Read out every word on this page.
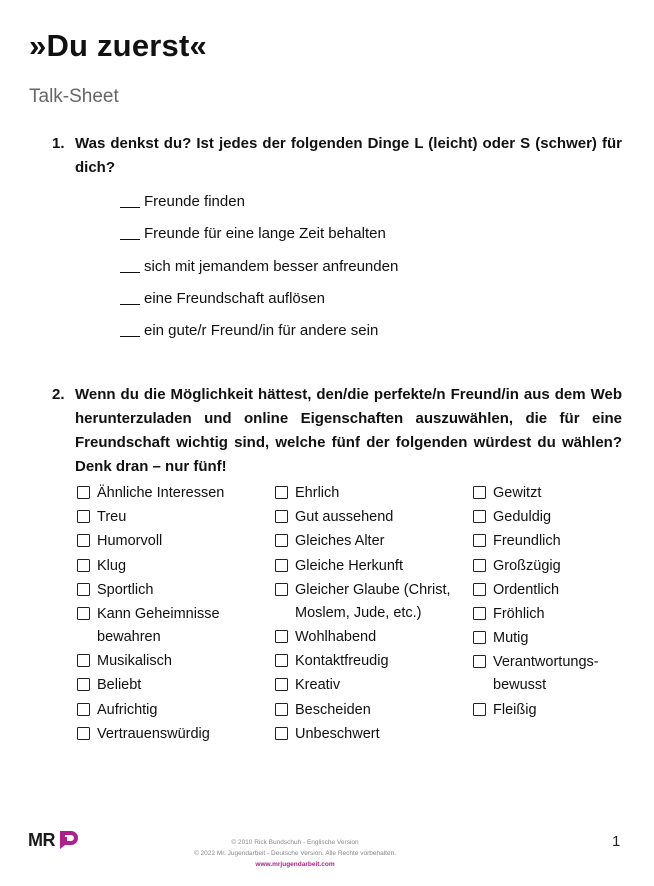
»Du zuerst«
Talk-Sheet
1. Was denkst du? Ist jedes der folgenden Dinge L (leicht) oder S (schwer) für dich?
Freunde finden
Freunde für eine lange Zeit behalten
sich mit jemandem besser anfreunden
eine Freundschaft auflösen
ein gute/r Freund/in für andere sein
2. Wenn du die Möglichkeit hättest, den/die perfekte/n Freund/in aus dem Web herunterzuladen und online Eigenschaften auszuwählen, die für eine Freundschaft wichtig sind, welche fünf der folgenden würdest du wählen? Denk dran – nur fünf!
Ähnliche Interessen
Treu
Humorvoll
Klug
Sportlich
Kann Geheimnisse bewahren
Musikalisch
Beliebt
Aufrichtig
Vertrauenswürdig
Ehrlich
Gut aussehend
Gleiches Alter
Gleiche Herkunft
Gleicher Glaube (Christ, Moslem, Jude, etc.)
Wohlhabend
Kontaktfreudig
Kreativ
Bescheiden
Unbeschwert
Gewitzt
Geduldig
Freundlich
Großzügig
Ordentlich
Fröhlich
Mutig
Verantwortungs-bewusst
Fleißig
MR	© 2010 Rick Bundschuh - Englische Version
© 2022 Mr. Jugendarbeit - Deutsche Version. Alle Rechte vorbehalten.
www.mrjugendarbeit.com
1
